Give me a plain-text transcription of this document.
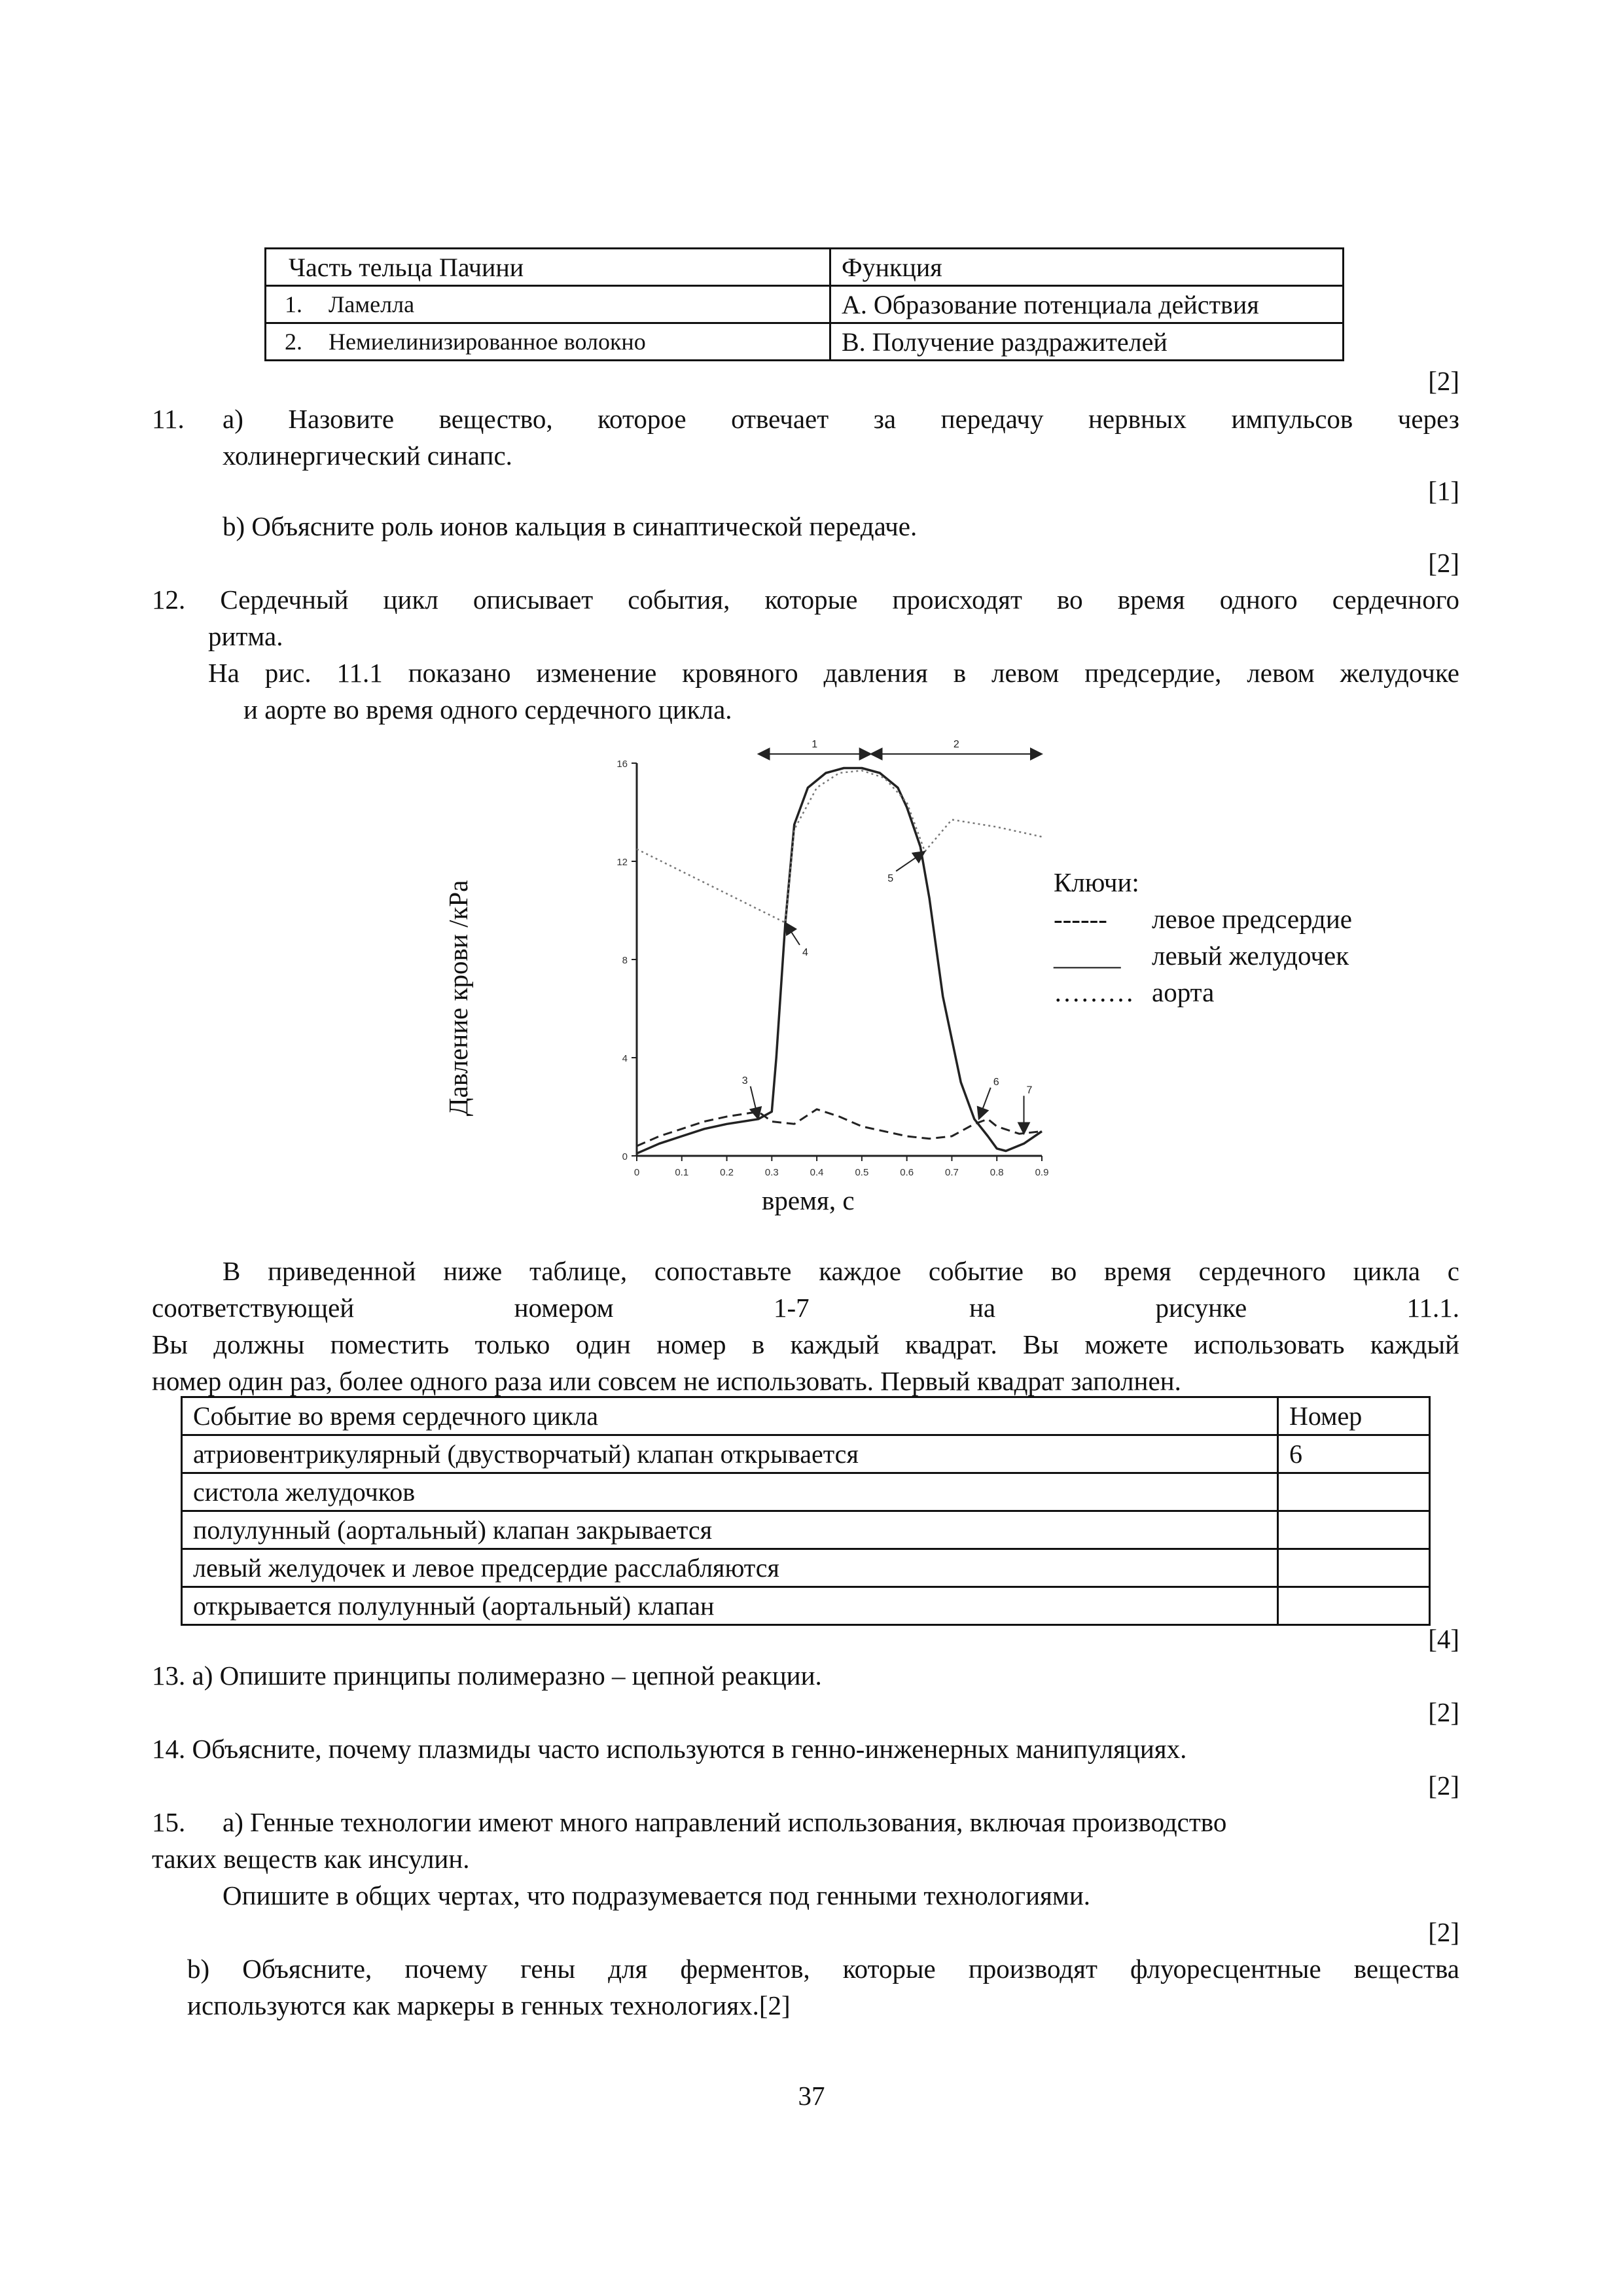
Часть тельца Пачини	Функция
1. Ламелла	A. Образование потенциала действия
2. Немиелинизированное волокно	B. Получение раздражителей
[2]
11. a) Назовите вещество, которое отвечает за передачу нервных импульсов через
холинергический синапс.
[1]
b) Объясните роль ионов кальция в синаптической передаче.
[2]
12. Сердечный цикл описывает события, которые происходят во время одного сердечного
ритма.
На рис. 11.1 показано изменение кровяного давления в левом предсердие, левом желудочке
и аорте во время одного сердечного цикла.
0
4
8
12
16
0	0.1	0.2	0.3	0.4	0.5	0.6	0.7	0.8	0.9
1	2
3
4
5
6
7
Давление крови /кPa
время, с
Ключи:
------ левое предсердие
_____ левый желудочек
……… аорта
В приведенной ниже таблице, сопоставьте каждое событие во время сердечного цикла с
соответствующей	номером	1-7	на	рисунке	11.1.
Вы должны поместить только один номер в каждый квадрат. Вы можете использовать каждый
номер один раз, более одного раза или совсем не использовать. Первый квадрат заполнен.
Событие во время сердечного цикла	Номер
атриовентрикулярный (двустворчатый) клапан открывается	6
систола желудочков	
полулунный (аортальный) клапан закрывается	
левый желудочек и левое предсердие расслабляются	
открывается полулунный (аортальный) клапан	
[4]
13. a) Опишите принципы полимеразно – цепной реакции.
[2]
14. Объясните, почему плазмиды часто используются в генно-инженерных манипуляциях.
[2]
15. a) Генные технологии имеют много направлений использования, включая производство
таких веществ как инсулин.
Опишите в общих чертах, что подразумевается под генными технологиями.
[2]
b) Объясните, почему гены для ферментов, которые производят флуоресцентные вещества
используются как маркеры в генных технологиях.[2]
37
